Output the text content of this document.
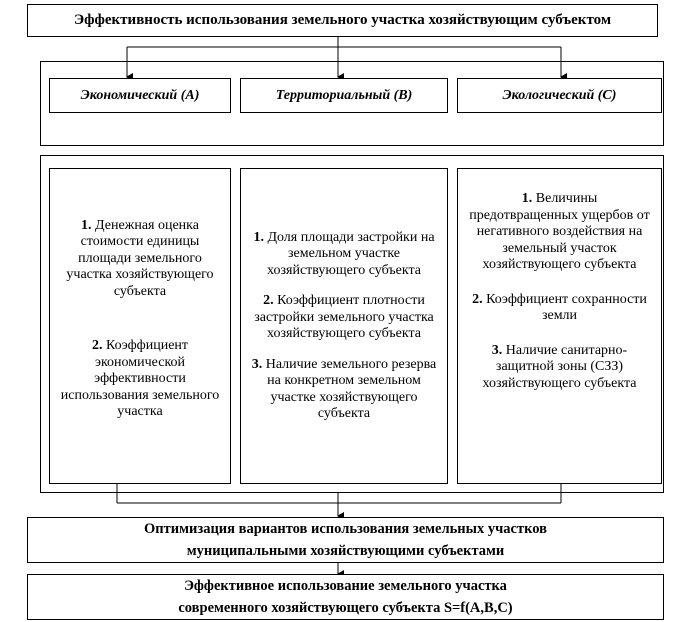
Эффективность использования земельного участка хозяйствующим субъектом
Экономический (А)	Территориальный (В)	Экологический (С)
1. Денежная оценка стоимости единицы площади земельного участка хозяйствующего субъекта
2. Коэффициент экономической эффективности использования земельного участка
1. Доля площади застройки на земельном участке хозяйствующего субъекта
2. Коэффициент плотности застройки земельного участка хозяйствующего субъекта
3. Наличие земельного резерва на конкретном земельном участке хозяйствующего субъекта
1. Величины предотвращенных ущербов от негативного воздействия на земельный участок хозяйствующего субъекта
2. Коэффициент сохранности земли
3. Наличие санитарно-защитной зоны (СЗЗ) хозяйствующего субъекта
Оптимизация вариантов использования земельных участков
муниципальными хозяйствующими субъектами
Эффективное использование земельного участка
современного хозяйствующего субъекта S=f(A,B,C)
